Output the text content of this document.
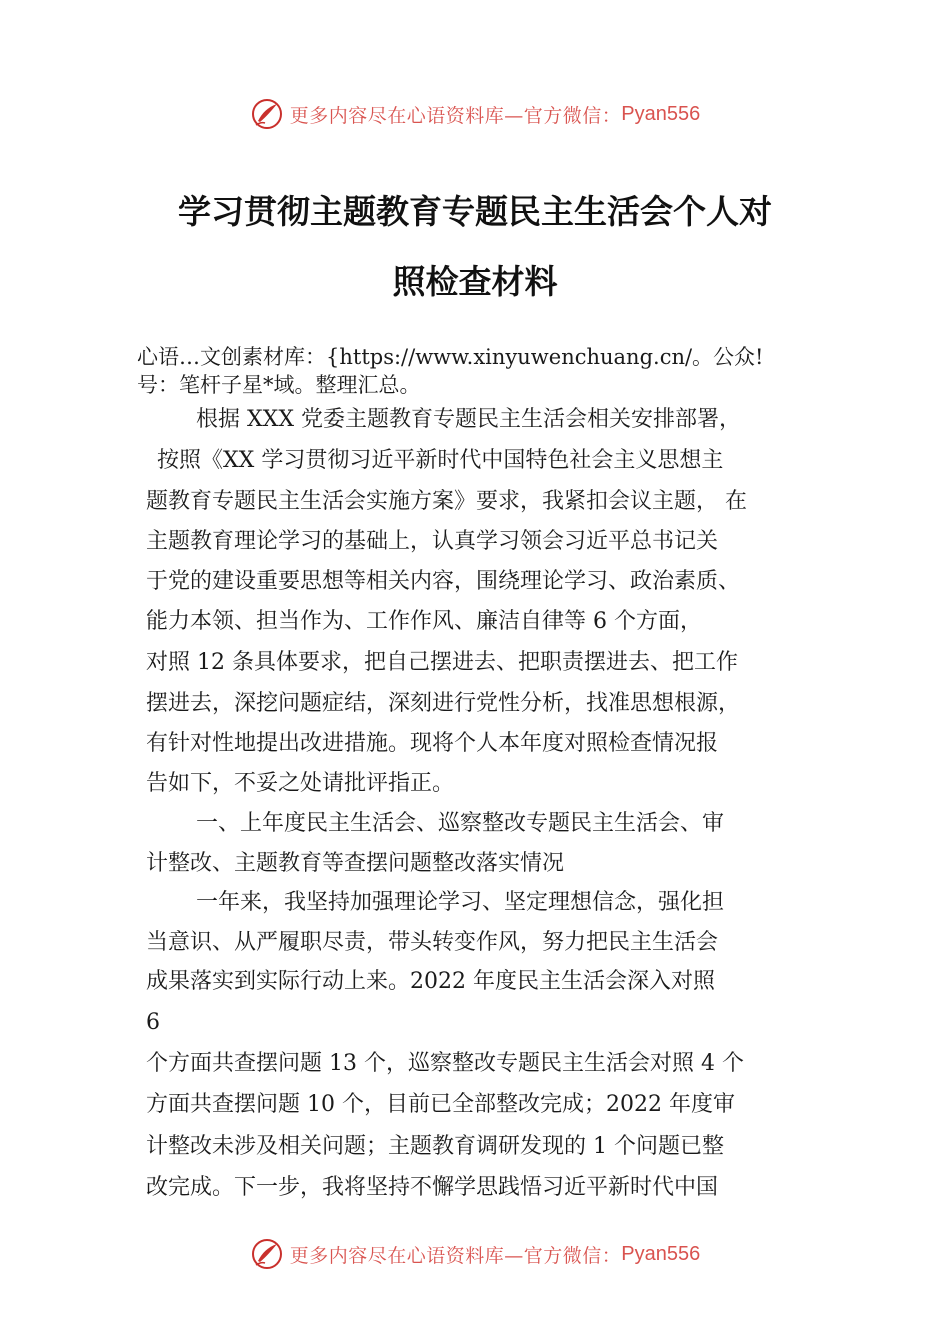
更多内容尽在心语资料库—官方微信： Pyan556
学习贯彻主题教育专题民主生活会个人对
照检查材料
心语…文创素材库：{https://www.xinyuwenchuang.cn/。公众!
号：笔杆子星*域。整理汇总。
根据 XXX 党委主题教育专题民主生活会相关安排部署，
按照《XX 学习贯彻习近平新时代中国特色社会主义思想主
题教育专题民主生活会实施方案》要求，我紧扣会议主题， 在
主题教育理论学习的基础上，认真学习领会习近平总书记关
于党的建设重要思想等相关内容，围绕理论学习、政治素质、
能力本领、担当作为、工作作风、廉洁自律等 6 个方面，
对照 12 条具体要求，把自己摆进去、把职责摆进去、把工作
摆进去，深挖问题症结，深刻进行党性分析，找准思想根源，
有针对性地提出改进措施。现将个人本年度对照检查情况报
告如下，不妥之处请批评指正。
一、上年度民主生活会、巡察整改专题民主生活会、审
计整改、主题教育等查摆问题整改落实情况
一年来，我坚持加强理论学习、坚定理想信念，强化担
当意识、从严履职尽责，带头转变作风，努力把民主生活会
成果落实到实际行动上来。2022 年度民主生活会深入对照
6
个方面共查摆问题 13 个，巡察整改专题民主生活会对照 4 个
方面共查摆问题 10 个，目前已全部整改完成；2022 年度审
计整改未涉及相关问题；主题教育调研发现的 1 个问题已整
改完成。下一步，我将坚持不懈学思践悟习近平新时代中国
更多内容尽在心语资料库—官方微信： Pyan556
